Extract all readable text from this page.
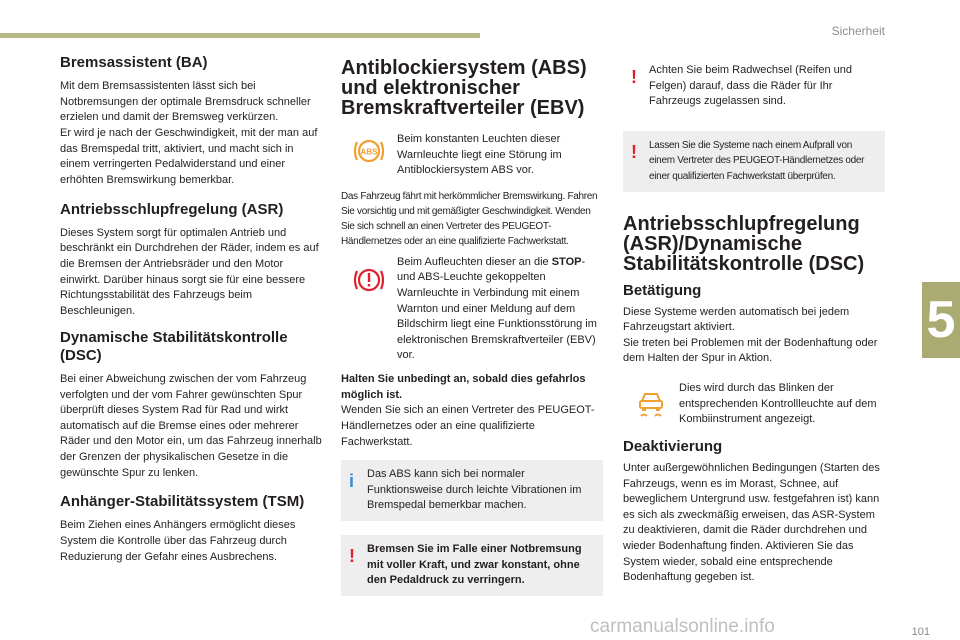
Sicherheit
5
Bremsassistent (BA)

Mit dem Bremsassistenten lässt sich bei Notbremsungen der optimale Bremsdruck schneller erzielen und damit der Bremsweg verkürzen.

Er wird je nach der Geschwindigkeit, mit der man auf das Bremspedal tritt, aktiviert, und macht sich in einem verringerten Pedalwiderstand und einer erhöhten Bremswirkung bemerkbar.

Antriebsschlupfregelung (ASR)

Dieses System sorgt für optimalen Antrieb und beschränkt ein Durchdrehen der Räder, indem es auf die Bremsen der Antriebsräder und den Motor einwirkt. Darüber hinaus sorgt sie für eine bessere Richtungsstabilität des Fahrzeugs beim Beschleunigen.

Dynamische Stabilitätskontrolle (DSC)

Bei einer Abweichung zwischen der vom Fahrzeug verfolgten und der vom Fahrer gewünschten Spur überprüft dieses System Rad für Rad und wirkt automatisch auf die Bremse eines oder mehrerer Räder und den Motor ein, um das Fahrzeug innerhalb der Grenzen der physikalischen Gesetze in die gewünschte Spur zu lenken.

Anhänger-Stabilitätssystem (TSM)

Beim Ziehen eines Anhängers ermöglicht dieses System die Kontrolle über das Fahrzeug durch Reduzierung der Gefahr eines Ausbrechens.

Antiblockiersystem (ABS) und elektronischer Bremskraftverteiler (EBV)
ABS
Beim konstanten Leuchten dieser Warnleuchte liegt eine Störung im Antiblockiersystem ABS vor.

Das Fahrzeug fährt mit herkömmlicher Bremswirkung. Fahren Sie vorsichtig und mit gemäßigter Geschwindigkeit. Wenden Sie sich schnell an einen Vertreter des PEUGEOT-Händlernetzes oder an eine qualifizierte Fachwerkstatt.

Beim Aufleuchten dieser an die STOP- und ABS-Leuchte gekoppelten Warnleuchte in Verbindung mit einem Warnton und einer Meldung auf dem Bildschirm liegt eine Funktionsstörung im elektronischen Bremskraftverteiler (EBV) vor.

Halten Sie unbedingt an, sobald dies gefahrlos möglich ist.
Wenden Sie sich an einen Vertreter des PEUGEOT-Händlernetzes oder an eine qualifizierte Fachwerkstatt.

i Das ABS kann sich bei normaler Funktionsweise durch leichte Vibrationen im Bremspedal bemerkbar machen.
! Bremsen Sie im Falle einer Notbremsung mit voller Kraft, und zwar konstant, ohne den Pedaldruck zu verringern.
! Achten Sie beim Radwechsel (Reifen und Felgen) darauf, dass die Räder für Ihr Fahrzeugs zugelassen sind.
! Lassen Sie die Systeme nach einem Aufprall von einem Vertreter des PEUGEOT-Händlernetzes oder einer qualifizierten Fachwerkstatt überprüfen.
Antriebsschlupfregelung (ASR)/Dynamische Stabilitätskontrolle (DSC)
Betätigung

Diese Systeme werden automatisch bei jedem Fahrzeugstart aktiviert.

Sie treten bei Problemen mit der Bodenhaftung oder dem Halten der Spur in Aktion.

Dies wird durch das Blinken der entsprechenden Kontrollleuchte auf dem Kombiinstrument angezeigt.
Deaktivierung

Unter außergewöhnlichen Bedingungen (Starten des Fahrzeugs, wenn es im Morast, Schnee, auf beweglichem Untergrund usw. festgefahren ist) kann es sich als zweckmäßig erweisen, das ASR-System zu deaktivieren, damit die Räder durchdrehen und wieder Bodenhaftung finden. Aktivieren Sie das System wieder, sobald eine entsprechende Bodenhaftung gegeben ist.

carmanualsonline.info	101
